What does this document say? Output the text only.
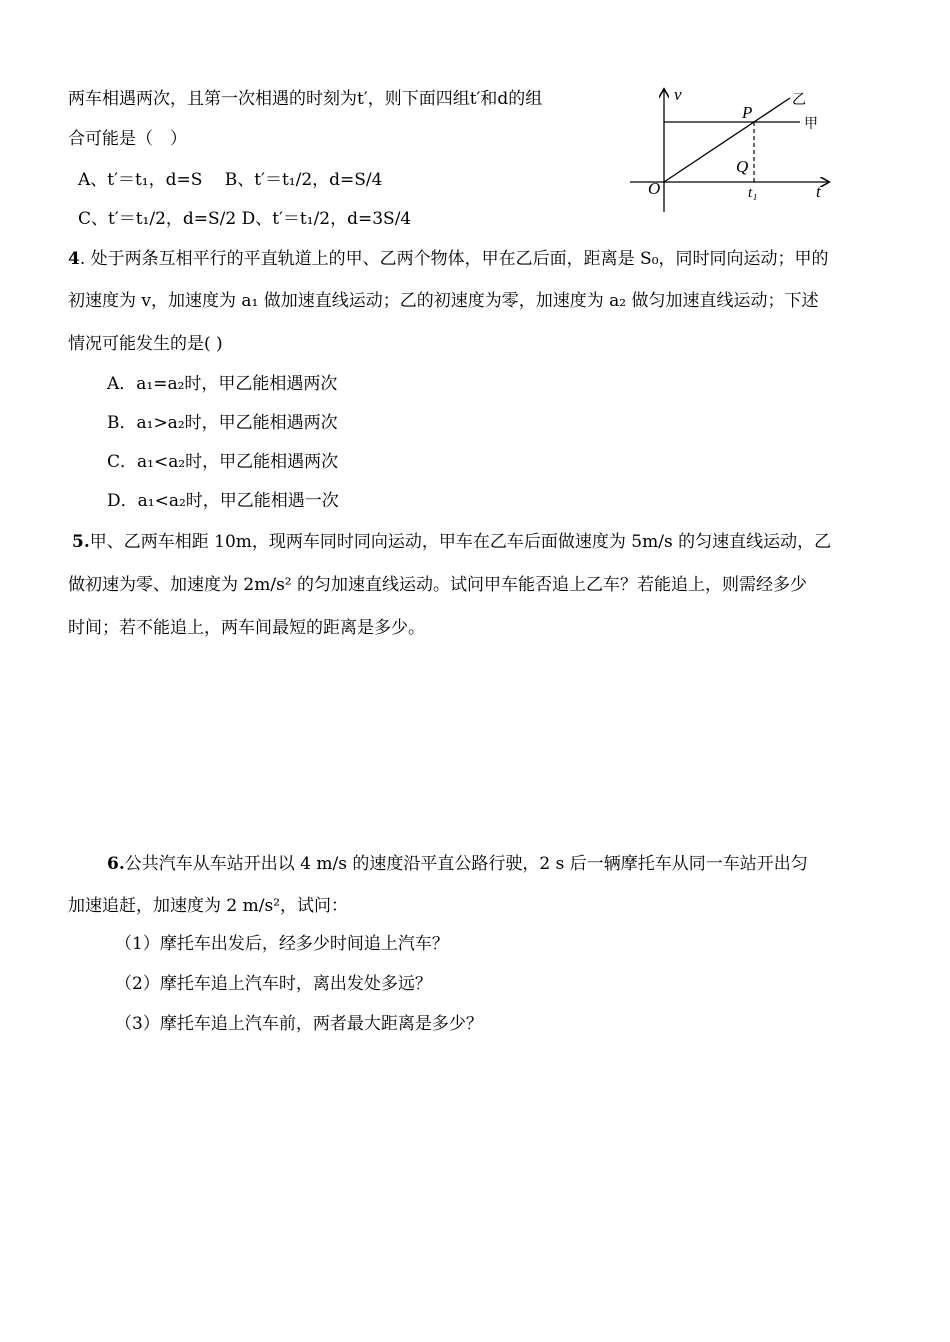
两车相遇两次，且第一次相遇的时刻为t′，则下面四组t′和d的组
合可能是（　）
A、t′＝t₁，d=S　 B、t′＝t₁/2，d=S/4
C、t′＝t₁/2，d=S/2 D、t′＝t₁/2，d=3S/4
v
t
O
P
Q
t₁
乙
甲
4. 处于两条互相平行的平直轨道上的甲、乙两个物体，甲在乙后面，距离是 S₀，同时同向运动；甲的
初速度为 v，加速度为 a₁ 做加速直线运动；乙的初速度为零，加速度为 a₂ 做匀加速直线运动；下述
情况可能发生的是( )
A．a₁=a₂时，甲乙能相遇两次
B．a₁>a₂时，甲乙能相遇两次
C．a₁<a₂时，甲乙能相遇两次
D．a₁<a₂时，甲乙能相遇一次
5.甲、乙两车相距 10m，现两车同时同向运动，甲车在乙车后面做速度为 5m/s 的匀速直线运动，乙
做初速为零、加速度为 2m/s² 的匀加速直线运动。试问甲车能否追上乙车？若能追上，则需经多少
时间；若不能追上，两车间最短的距离是多少。
6.公共汽车从车站开出以 4 m/s 的速度沿平直公路行驶，2 s 后一辆摩托车从同一车站开出匀
加速追赶，加速度为 2 m/s²，试问：
（1）摩托车出发后，经多少时间追上汽车？
（2）摩托车追上汽车时，离出发处多远？
（3）摩托车追上汽车前，两者最大距离是多少？
